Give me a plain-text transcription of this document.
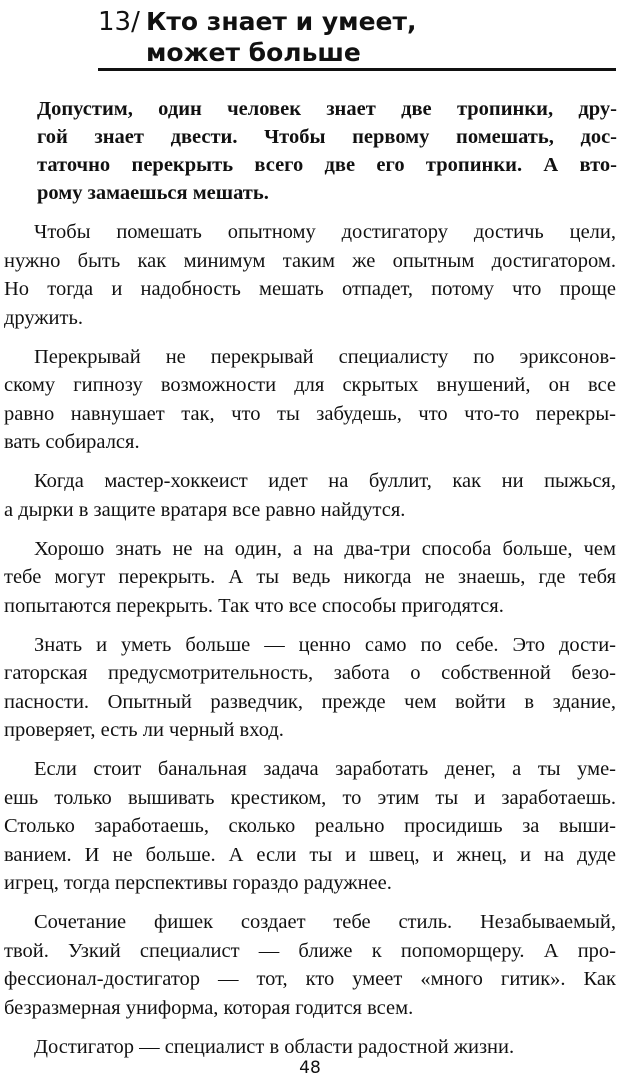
13/ Кто знает и умеет,
может больше
Допустим, один человек знает две тропинки, дру-
гой знает двести. Чтобы первому помешать, дос-
таточно перекрыть всего две его тропинки. А вто-
рому замаешься мешать.
Чтобы помешать опытному достигатору достичь цели,
нужно быть как минимум таким же опытным достигатором.
Но тогда и надобность мешать отпадет, потому что проще
дружить.
Перекрывай не перекрывай специалисту по эриксонов-
скому гипнозу возможности для скрытых внушений, он все
равно навнушает так, что ты забудешь, что что-то перекры-
вать собирался.
Когда мастер-хоккеист идет на буллит, как ни пыжься,
а дырки в защите вратаря все равно найдутся.
Хорошо знать не на один, а на два-три способа больше, чем
тебе могут перекрыть. А ты ведь никогда не знаешь, где тебя
попытаются перекрыть. Так что все способы пригодятся.
Знать и уметь больше — ценно само по себе. Это дости-
гаторская предусмотрительность, забота о собственной безо-
пасности. Опытный разведчик, прежде чем войти в здание,
проверяет, есть ли черный вход.
Если стоит банальная задача заработать денег, а ты уме-
ешь только вышивать крестиком, то этим ты и заработаешь.
Столько заработаешь, сколько реально просидишь за выши-
ванием. И не больше. А если ты и швец, и жнец, и на дуде
игрец, тогда перспективы гораздо радужнее.
Сочетание фишек создает тебе стиль. Незабываемый,
твой. Узкий специалист — ближе к попоморщеру. А про-
фессионал-достигатор — тот, кто умеет «много гитик». Как
безразмерная униформа, которая годится всем.
Достигатор — специалист в области радостной жизни.
48
